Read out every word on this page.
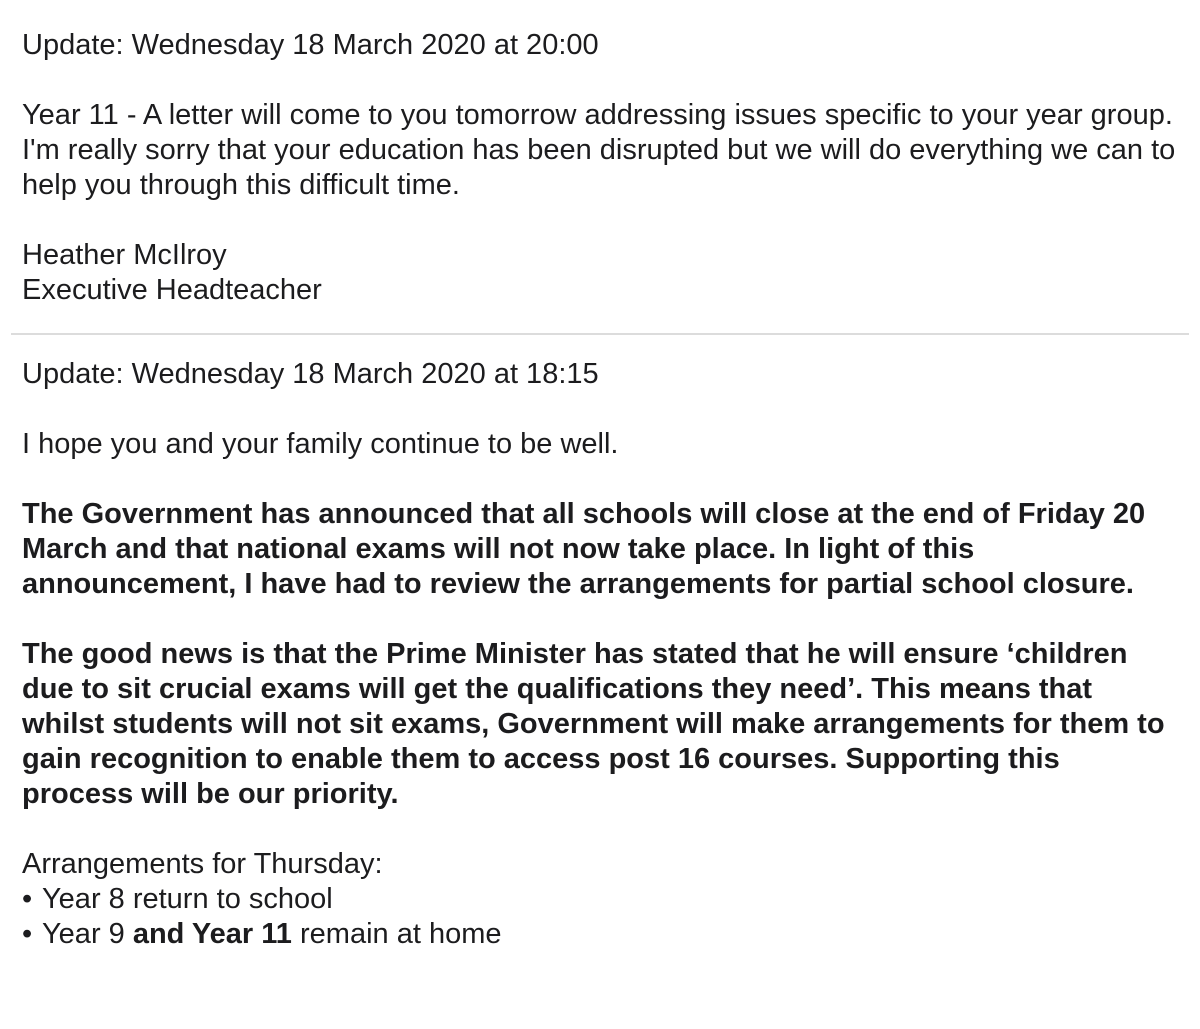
Update: Wednesday 18 March 2020 at 20:00

Year 11 - A letter will come to you tomorrow addressing issues specific to your year group. I'm really sorry that your education has been disrupted but we will do everything we can to help you through this difficult time.

Heather McIlroy

Executive Headteacher

Update: Wednesday 18 March 2020 at 18:15

I hope you and your family continue to be well.

The Government has announced that all schools will close at the end of Friday 20 March and that national exams will not now take place. In light of this announcement, I have had to review the arrangements for partial school closure.

The good news is that the Prime Minister has stated that he will ensure ‘children due to sit crucial exams will get the qualifications they need’. This means that whilst students will not sit exams, Government will make arrangements for them to gain recognition to enable them to access post 16 courses. Supporting this process will be our priority.

Arrangements for Thursday:

• Year 8 return to school
• Year 9 and Year 11 remain at home
